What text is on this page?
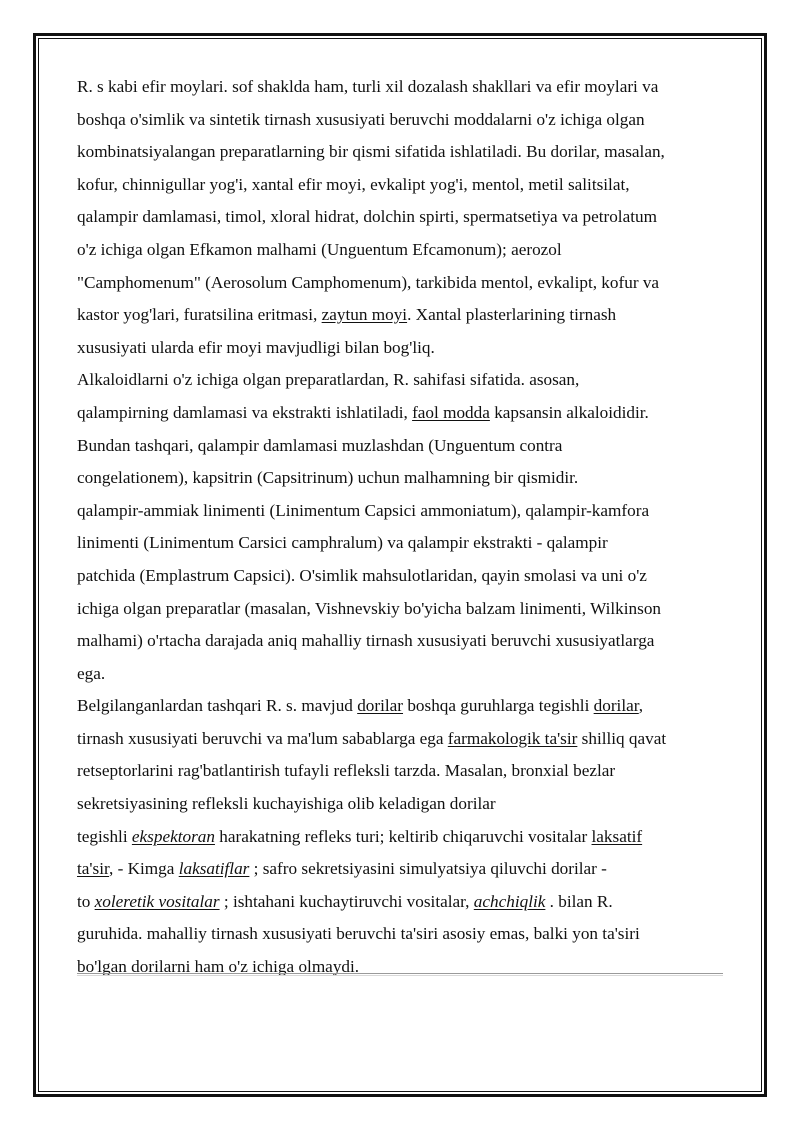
R. s kabi efir moylari. sof shaklda ham, turli xil dozalash shakllari va efir moylari va
boshqa o'simlik va sintetik tirnash xususiyati beruvchi moddalarni o'z ichiga olgan
kombinatsiyalangan preparatlarning bir qismi sifatida ishlatiladi. Bu dorilar, masalan,
kofur, chinnigullar yog'i, xantal efir moyi, evkalipt yog'i, mentol, metil salitsilat,
qalampir damlamasi, timol, xloral hidrat, dolchin spirti, spermatsetiya va petrolatum
o'z ichiga olgan Efkamon malhami (Unguentum Efcamonum); aerozol
"Camphomenum" (Aerosolum Camphomenum), tarkibida mentol, evkalipt, kofur va
kastor yog'lari, furatsilina eritmasi, zaytun moyi. Xantal plasterlarining tirnash
xususiyati ularda efir moyi mavjudligi bilan bog'liq.
Alkaloidlarni o'z ichiga olgan preparatlardan, R. sahifasi sifatida. asosan,
qalampirning damlamasi va ekstrakti ishlatiladi, faol modda kapsansin alkaloididir.
Bundan tashqari, qalampir damlamasi muzlashdan (Unguentum contra
congelationem), kapsitrin (Capsitrinum) uchun malhamning bir qismidir.
qalampir-ammiak linimenti (Linimentum Capsici ammoniatum), qalampir-kamfora
linimenti (Linimentum Carsici camphralum) va qalampir ekstrakti - qalampir
patchida (Emplastrum Capsici). O'simlik mahsulotlaridan, qayin smolasi va uni o'z
ichiga olgan preparatlar (masalan, Vishnevskiy bo'yicha balzam linimenti, Wilkinson
malhami) o'rtacha darajada aniq mahalliy tirnash xususiyati beruvchi xususiyatlarga
ega.
Belgilanganlardan tashqari R. s. mavjud dorilar boshqa guruhlarga tegishli dorilar,
tirnash xususiyati beruvchi va ma'lum sabablarga ega farmakologik ta'sir shilliq qavat
retseptorlarini rag'batlantirish tufayli refleksli tarzda. Masalan, bronxial bezlar
sekretsiyasining refleksli kuchayishiga olib keladigan dorilar
tegishli ekspektoran harakatning refleks turi; keltirib chiqaruvchi vositalar laksatif
ta'sir, - Kimga laksatiflar ; safro sekretsiyasini simulyatsiya qiluvchi dorilar -
to xoleretik vositalar ; ishtahani kuchaytiruvchi vositalar, achchiqlik . bilan R.
guruhida. mahalliy tirnash xususiyati beruvchi ta'siri asosiy emas, balki yon ta'siri
bo'lgan dorilarni ham o'z ichiga olmaydi.
